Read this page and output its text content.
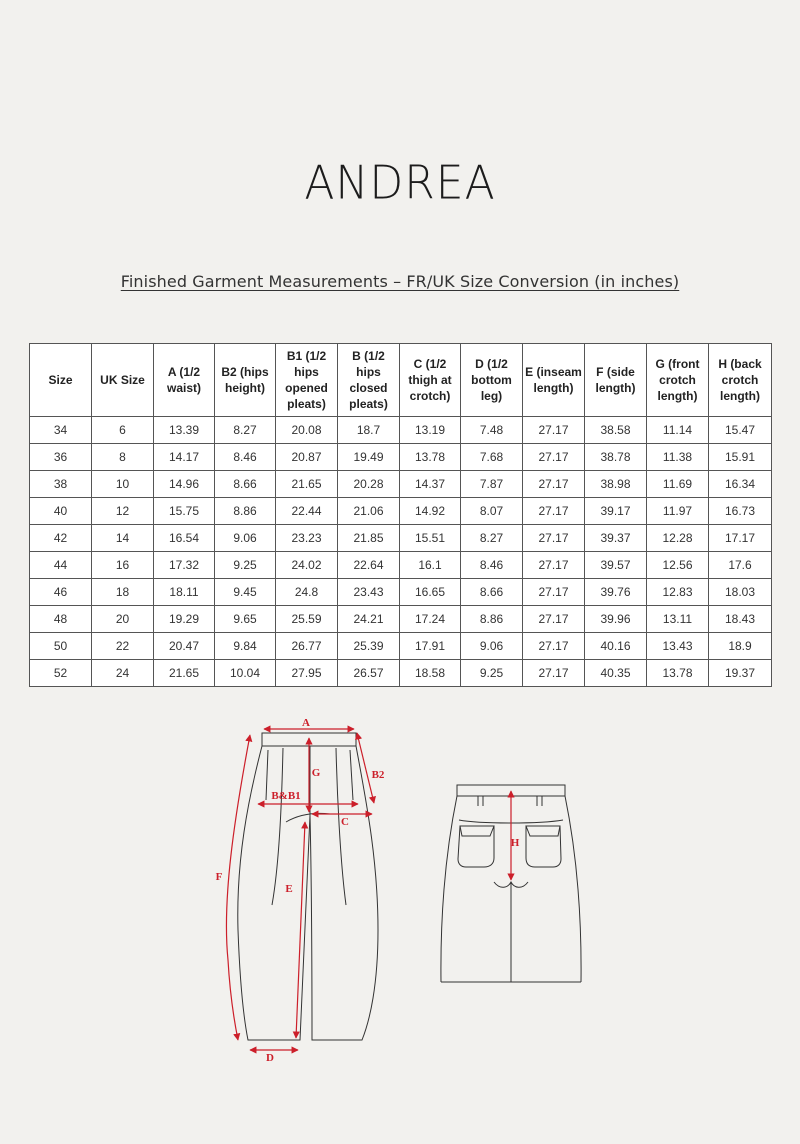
ANDREA
Finished Garment Measurements – FR/UK Size Conversion (in inches)
Size	UK Size	A (1/2 waist)	B2 (hips height)	B1 (1/2 hips opened pleats)	B (1/2 hips closed pleats)	C (1/2 thigh at crotch)	D (1/2 bottom leg)	E (inseam length)	F (side length)	G (front crotch length)	H (back crotch length)
34	6	13.39	8.27	20.08	18.7	13.19	7.48	27.17	38.58	11.14	15.47
36	8	14.17	8.46	20.87	19.49	13.78	7.68	27.17	38.78	11.38	15.91
38	10	14.96	8.66	21.65	20.28	14.37	7.87	27.17	38.98	11.69	16.34
40	12	15.75	8.86	22.44	21.06	14.92	8.07	27.17	39.17	11.97	16.73
42	14	16.54	9.06	23.23	21.85	15.51	8.27	27.17	39.37	12.28	17.17
44	16	17.32	9.25	24.02	22.64	16.1	8.46	27.17	39.57	12.56	17.6
46	18	18.11	9.45	24.8	23.43	16.65	8.66	27.17	39.76	12.83	18.03
48	20	19.29	9.65	25.59	24.21	17.24	8.86	27.17	39.96	13.11	18.43
50	22	20.47	9.84	26.77	25.39	17.91	9.06	27.17	40.16	13.43	18.9
52	24	21.65	10.04	27.95	26.57	18.58	9.25	27.17	40.35	13.78	19.37
A
B2
G
B&B1
C
F
E
D
H
